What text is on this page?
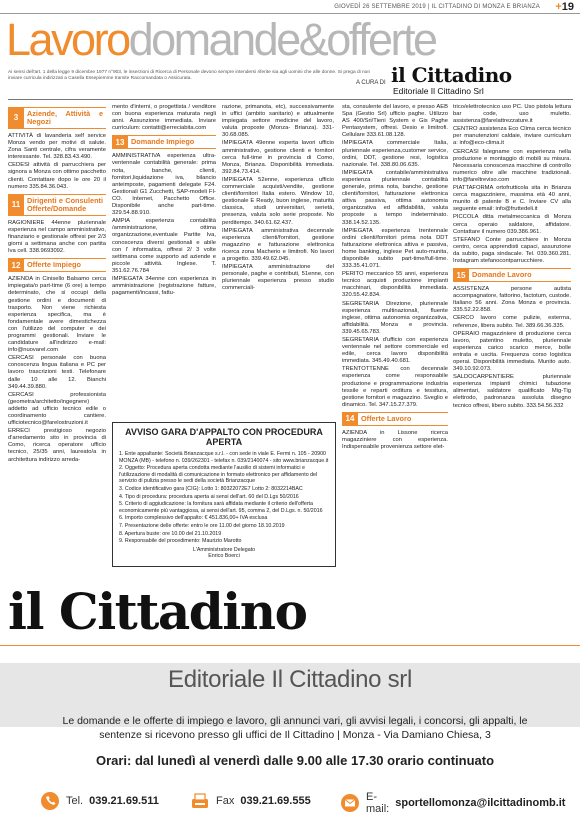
GIOVEDÌ 26 SETTEMBRE 2019 | IL CITTADINO DI MONZA E BRIANZA +19
Lavorodomande&offerte
Ai sensi dell'art. 1 della legge 9 dicembre 1977 n°903, le inserzioni di Ricerca di Personale devono sempre intendersi riferite sia agli uomini che alle donne. Si prega di non inviare curricula indirizzati a Casella Essepiemme tramite Raccomandata o Assicurata.
A CURA DI il Cittadino
Editoriale Il Cittadino Srl
3	Aziende, Attività e Negozi

ATTIVITÀ di lavanderia self service Monza vendo per motivi di salute. Zona Santi centrale, cifra veramente interessante. Tel. 328.83.43.490.

CEDESI attività di parrucchiera per signora a Monza con ottimo pacchetto clienti. Contattare dopo le ore 20 il numero 335.84.36.043.

11 Dirigenti e Consulenti Offerte/Domande

RAGIONIERE 44enne pluriennale esperienza nel campo amministrativo, finanziario e gestionale offresi per 2/3 giorni a settimana anche con partita Iva cell. 338.9693092.

12 Offerte Impiego

AZIENDA in Cinisello Balsamo cerca impiegata/o part-time (6 ore) a tempo determinato, che si occupi della gestione ordini e documenti di trasporto. Non viene richiesta esperienza specifica, ma è fondamentale avere dimestichezza con l'utilizzo del computer e dei programmi gestionali. Inviare le candidature all'indirizzo e-mail: info@nuovarel.com

CERCASI personale con buona conoscenza lingua italiana e PC per lavoro trascrizioni testi. Telefonare dalle 10 alle 12. Bianchi 349.44.39.880.

CERCASI professionista (geometra/architetto/ingegnere) addetto ad ufficio tecnico edile o coordinamento cantiere. ufficiotecnico@farelostruzioni.it

ERRECI prestigioso negozio d'arredamento sito in provincia di Como, ricerca operatore ufficio tecnico, 25/35 anni, laureato/a in architettura indirizzo arreda-

mento d'interni, o progettista / venditore con buona esperienza maturata negli anni. Assunzione immediata. Inviare curriculum: contatti@erreciabita.com

13 Domande Impiego

AMMINISTRATIVA esperienza ultra-ventennale contabilità generale: prima nota, banche, clienti, fornitori,liquidazione iva, bilancio anteimposte, pagamenti delegate F24. Gestionali G1 Zucchetti, SAP-modeli FI-CO. Internet, Pacchetto Office. Disponibile anche part-time. 329.54.88.910.

AMPIA esperienza contabilità /amministrazione, ottima organizzazione,eventuale Partite Iva, conoscenza diversi gestionali e abile con l' informatica, offresi 2/ 3 volte settimana come supporto ad aziende e piccole attività. Inglese. T. 351.62.76.784

IMPIEGATA 34enne con esperienza in amministrazione (registrazione fatture, pagamenti/incassi, fattu-

razione, primanota, etc), successivamente in uffici (ambito sanitario) e attualmente impiegata settore medicine del lavoro, valuta proposte (Monza- Brianza). 331-30.68.085.

IMPIEGATA 49enne esperta lavori ufficio amministrativo, gestione clienti e fornitori cerca full-time in provincia di Como, Monza, Brianza. Disponibilità immediata. 392.84.73.414.

IMPIEGATA 52enne, esperienza ufficio commerciale acquisti/vendite, gestione clienti/fornitori Italia estero. Window 10, gestionale E Ready, buon inglese, maturità classica, studi universitari, serietà, presenza, valuta solo serie proposte. No perditempo. 340.61.62.437.

IMPIEGATA amministrativa decennale esperienza clienti/fornitori, gestione magazzino e fatturazione elettronica ricerca zona Macherio e limitrofi. No lavori a progetto. 339.49.62.045.

IMPIEGATA amministrazione del personale, paghe e contributi, 51enne, con pluriennale esperienza presso studio commerciali-

sta, consulente del lavoro, e presso AEB Spa (Gestio Srl) ufficio paghe. Utilizzo AS 400/Sri/Tieni System e Gis Paghe Pentasystem, offresi. Desio e limitrofi. Cellulare 333.61.08.128.

IMPIEGATA commerciale Italia, pluriennale esperienza,customer service, ordini, DDT, gestione resi, logistica nazionale. Tel. 338.80.06.635.

IMPIEGATA contabile/amministrativa esperienza pluriennale contabilità generale, prima nota, banche, gestione clienti/fornitori, fatturazione elettronica attiva passiva, ottima autonomia organizzativa ed affidabilità, valuta proposte a tempo indeterminato. 338.14.52.135.

IMPIEGATA esperienza trentennale ordini clienti/fornitori prima nota DDT fatturazione elettronica attiva e passiva, home banking, inglese Pet auto-munita, disponibile subito part-time/full-time. 333.35.41.071.

PERITO meccanico 55 anni, esperienza tecnico acquisti produzione impianti macchinari, disponibilità immediata. 320.55.42.834.

SEGRETARIA Direzione, pluriennale esperienza multinazionali, fluente inglese, ottima autonomia organizzativa, affidabilità. Monza e provincia. 339.45.65.783.

SEGRETARIA d'ufficio con esperienza ventennale nel settore commerciale ed edile, cerca lavoro disponibilità immediata. 345.49.40.681.

TRENTOTTENNE con decennale esperienza come responsabile produzione e programmazione industria tessile e reparti orditura e tessitura, gestione fornitori e magazzino. Sveglio e dinamico. Tel. 347.15.27.379.

14 Offerte Lavoro

AZIENDA in Lissone ricerca magazziniere con esperienza. Indispensabile provenienza settore elet-

trico/elettrotecnico uso PC. Uso pistola lettura bar code, uso muletto. assistenza@farelattrezzature.it

CENTRO assistenza Eco Clima cerca tecnico per manutenzioni caldaie, inviare curriculum a: info@eco-clima.it

CERCASI falegname con esperienza nella produzione e montaggio di mobili su misura. Necessaria conoscenza macchine di controllo numerico oltre alle macchine tradizionali. info@fareltreviso.com

PIATTAFORMA ortofrutticola sita in Brianza cerca magazziniere, massima età 40 anni, munito di patente B e C. Inviare CV alla seguente email: info@fruttedeli.it

PICCOLA ditta metalmeccanica di Monza cerca operaio saldatore, affidatore. Contattare il numero 039.386.961.

STEFANO Conte parrucchiere in Monza centro, cerca apprendisti capaci, assunzione da subito, paga sindacale. Tel. 039.360.281. Instagram stefanocontparrucchiere.

15 Domande Lavoro

ASSISTENZA persone autista accompagnatore, fattorino, factotum, custode. Italiano 56 anni. Zona Monza e provincia. 335.52.22.858.

CERCO lavoro come pulizie, esterrna, referenze, libera subito. Tel. 389.66.36.335.

OPERAIO magazziniere di produzione cerca lavoro, patentino muletto, pluriennale esperienza carico scarico merce, bolle entrata e uscita. Frequenza corso logistica operai. Disponibilità immediata. Munito auto. 349.10.92.073.

SALDOCARPENTIERE pluriennale esperienza impianti chimici tubazione alimentari, saldatore qualificato Mig-Tig elettrodo, padronanza assoluta disegno tecnico offresi, libero subito. 333.54.56.332

AVVISO GARA D'APPALTO CON PROCEDURA APERTA

1. Ente appaltante: Società Brianzacque s.r.l. - con sede in viale E. Fermi n. 105 - 20900 MONZA (MB) - telefono n. 039/262301 - telefax n. 039/2140074 - sito www.brianzacque.it

2. Oggetto: Procedura aperta condotta mediante l'ausilio di sistemi informatici e l'utilizzazione di modalità di comunicazione in formato elettronico per affidamento del servizio di pulizia presso le sedi della società Brianzacque

3. Codice identificativo gara (CIG): Lotto 1: 80322072E7 Lotto 2: 8032214BAC

4. Tipo di procedura: procedura aperta ai sensi dell'art. 60 del D.Lgs 50/2016

5. Criterio di aggiudicazione: la fornitura sarà affidata mediante il criterio dell'offerta economicamente più vantaggiosa, ai sensi dell'art. 95, comma 2, del D.Lgs. n. 50/2016

6. Importo complessivo dell'appalto: € 451.836,00+ IVA esclusa

7. Presentazione delle offerte: entro le ore 11.00 del giorno 18.10.2019

8. Apertura buste: ore 10.00 del 21.10.2019

9. Responsabile del procedimento: Maurizio Marotto

L'Amministratore Delegato
Enrico Boerci
il Cittadino
Editoriale Il Cittadino srl
Le domande e le offerte di impiego e lavoro, gli annunci vari, gli avvisi legali, i concorsi, gli appalti, le sentenze si ricevono presso gli uffici de Il Cittadino | Monza - Via Damiano Chiesa, 3
Orari: dal lunedì al venerdì dalle 9.00 alle 17.30 orario continuato
Tel. 039.21.69.511	Fax 039.21.69.555	E-mail: sportellomonza@ilcittadinomb.it
